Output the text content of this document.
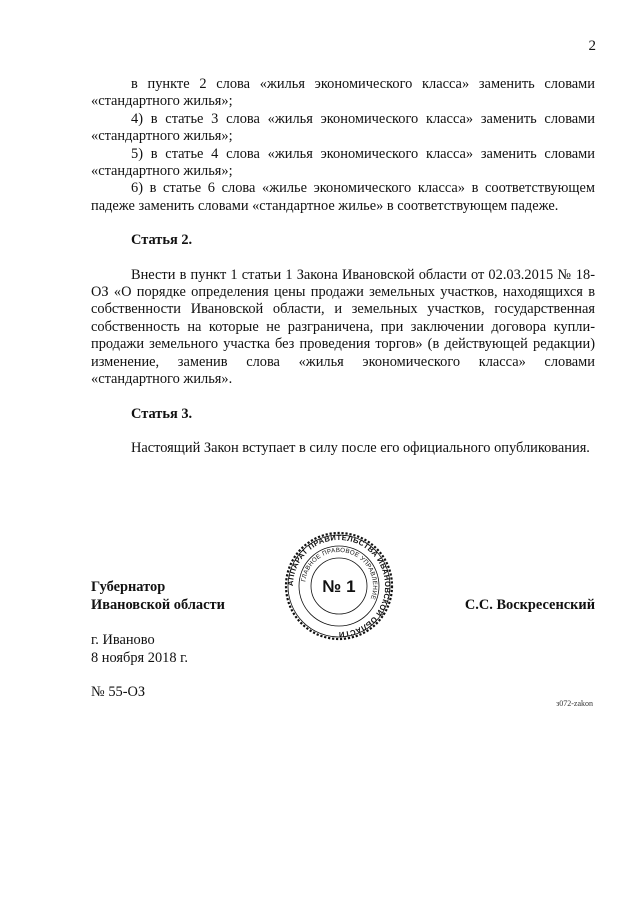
2

в пункте 2 слова «жилья экономического класса» заменить словами «стандартного жилья»;

4) в статье 3 слова «жилья экономического класса» заменить словами «стандартного жилья»;

5) в статье 4 слова «жилья экономического класса» заменить словами «стандартного жилья»;

6) в статье 6 слова «жилье экономического класса» в соответствующем падеже заменить словами «стандартное жилье» в соответствующем падеже.

Статья 2.

Внести в пункт 1 статьи 1 Закона Ивановской области от 02.03.2015 № 18-ОЗ «О порядке определения цены продажи земельных участков, находящихся в собственности Ивановской области, и земельных участков, государственная собственность на которые не разграничена, при заключении договора купли-продажи земельного участка без проведения торгов» (в действующей редакции) изменение, заменив слова «жилья экономического класса» словами «стандартного жилья».

Статья 3.

Настоящий Закон вступает в силу после его официального опубликования.

Губернатор
Ивановской области
АППАРАТ ПРАВИТЕЛЬСТВА ИВАНОВСКОЙ ОБЛАСТИ
ГЛАВНОЕ ПРАВОВОЕ УПРАВЛЕНИЕ
№ 1
С.С. Воскресенский
г. Иваново
8 ноября 2018 г.
№ 55-ОЗ
з072-zakon
